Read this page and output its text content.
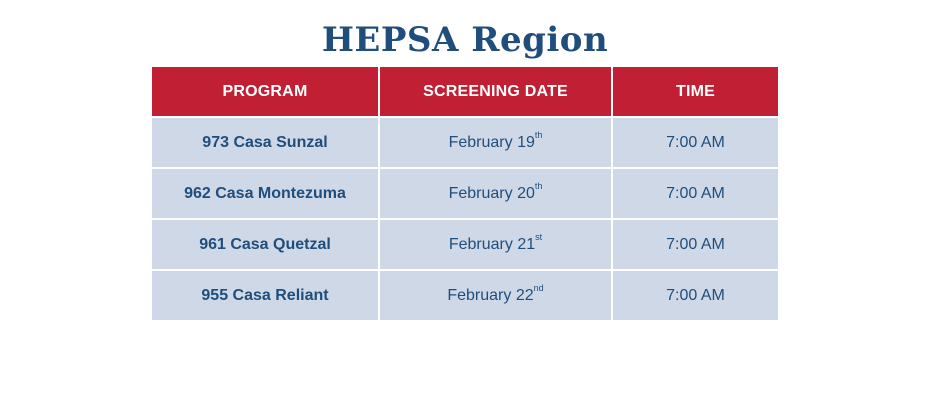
HEPSA Region
PROGRAM	SCREENING DATE	TIME
973 Casa Sunzal	February 19th	7:00 AM
962 Casa Montezuma	February 20th	7:00 AM
961 Casa Quetzal	February 21st	7:00 AM
955 Casa Reliant	February 22nd	7:00 AM
